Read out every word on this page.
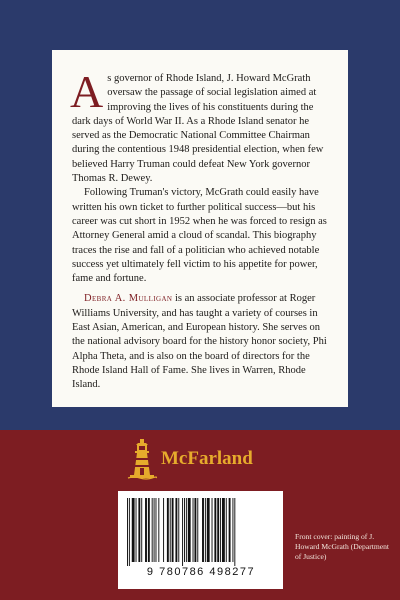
As governor of Rhode Island, J. Howard McGrath oversaw the passage of social legislation aimed at improving the lives of his constituents during the dark days of World War II. As a Rhode Island senator he served as the Democratic National Committee Chairman during the contentious 1948 presidential election, when few believed Harry Truman could defeat New York governor Thomas R. Dewey.

Following Truman's victory, McGrath could easily have written his own ticket to further political success—but his career was cut short in 1952 when he was forced to resign as Attorney General amid a cloud of scandal. This biography traces the rise and fall of a politician who achieved notable success yet ultimately fell victim to his appetite for power, fame and fortune.

Debra A. Mulligan is an associate professor at Roger Williams University, and has taught a variety of courses in East Asian, American, and European history. She serves on the national advisory board for the history honor society, Phi Alpha Theta, and is also on the board of directors for the Rhode Island Hall of Fame. She lives in Warren, Rhode Island.

McFarland
9 780786 498277
Front cover: painting of J. Howard McGrath (Department of Justice)
